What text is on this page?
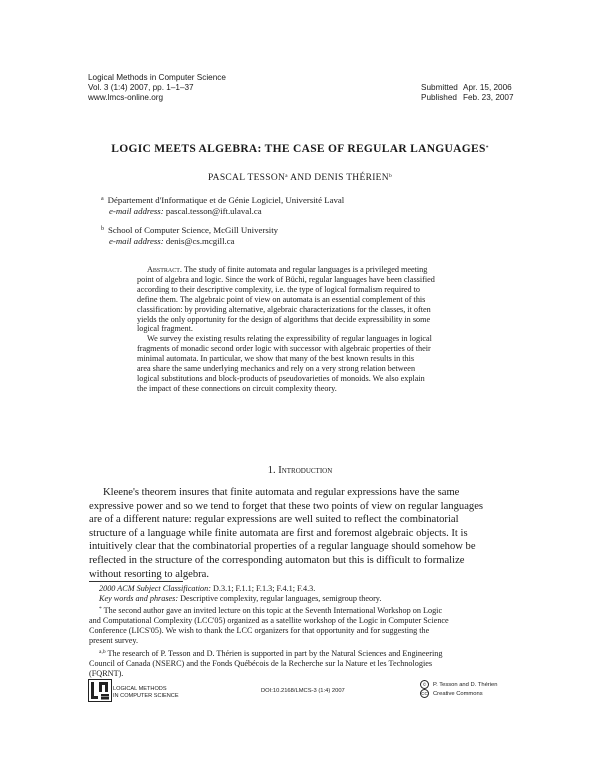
Logical Methods in Computer Science
Vol. 3 (1:4) 2007, pp. 1–1–37
www.lmcs-online.org
Submitted Apr. 15, 2006
Published Feb. 23, 2007
LOGIC MEETS ALGEBRA: THE CASE OF REGULAR LANGUAGES*
PASCAL TESSON$^a$ AND DENIS THÉRIEN$^b$
$^a$ Département d'Informatique et de Génie Logiciel, Université Laval
e-mail address: pascal.tesson@ift.ulaval.ca
$^b$ School of Computer Science, McGill University
e-mail address: denis@cs.mcgill.ca
Abstract. The study of finite automata and regular languages is a privileged meeting
point of algebra and logic. Since the work of Büchi, regular languages have been classified
according to their descriptive complexity, i.e. the type of logical formalism required to
define them. The algebraic point of view on automata is an essential complement of this
classification: by providing alternative, algebraic characterizations for the classes, it often
yields the only opportunity for the design of algorithms that decide expressibility in some
logical fragment.
We survey the existing results relating the expressibility of regular languages in logical
fragments of monadic second order logic with successor with algebraic properties of their
minimal automata. In particular, we show that many of the best known results in this
area share the same underlying mechanics and rely on a very strong relation between
logical substitutions and block-products of pseudovarieties of monoids. We also explain
the impact of these connections on circuit complexity theory.
1. Introduction
Kleene's theorem insures that finite automata and regular expressions have the same
expressive power and so we tend to forget that these two points of view on regular languages
are of a different nature: regular expressions are well suited to reflect the combinatorial
structure of a language while finite automata are first and foremost algebraic objects. It is
intuitively clear that the combinatorial properties of a regular language should somehow be
reflected in the structure of the corresponding automaton but this is difficult to formalize
without resorting to algebra.
2000 ACM Subject Classification: D.3.1; F.1.1; F.1.3; F.4.1; F.4.3.
Key words and phrases: Descriptive complexity, regular languages, semigroup theory.
* The second author gave an invited lecture on this topic at the Seventh International Workshop on Logic
and Computational Complexity (LCC'05) organized as a satellite workshop of the Logic in Computer Science
Conference (LICS'05). We wish to thank the LCC organizers for that opportunity and for suggesting the
present survey.
$^{a,b}$ The research of P. Tesson and D. Thérien is supported in part by the Natural Sciences and Engineering
Council of Canada (NSERC) and the Fonds Québécois de la Recherche sur la Nature et les Technologies
(FQRNT).
LOGICAL METHODS
IN COMPUTER SCIENCE
DOI:10.2168/LMCS-3 (1:4) 2007
© P. Tesson and D. Thérien
CC Creative Commons
